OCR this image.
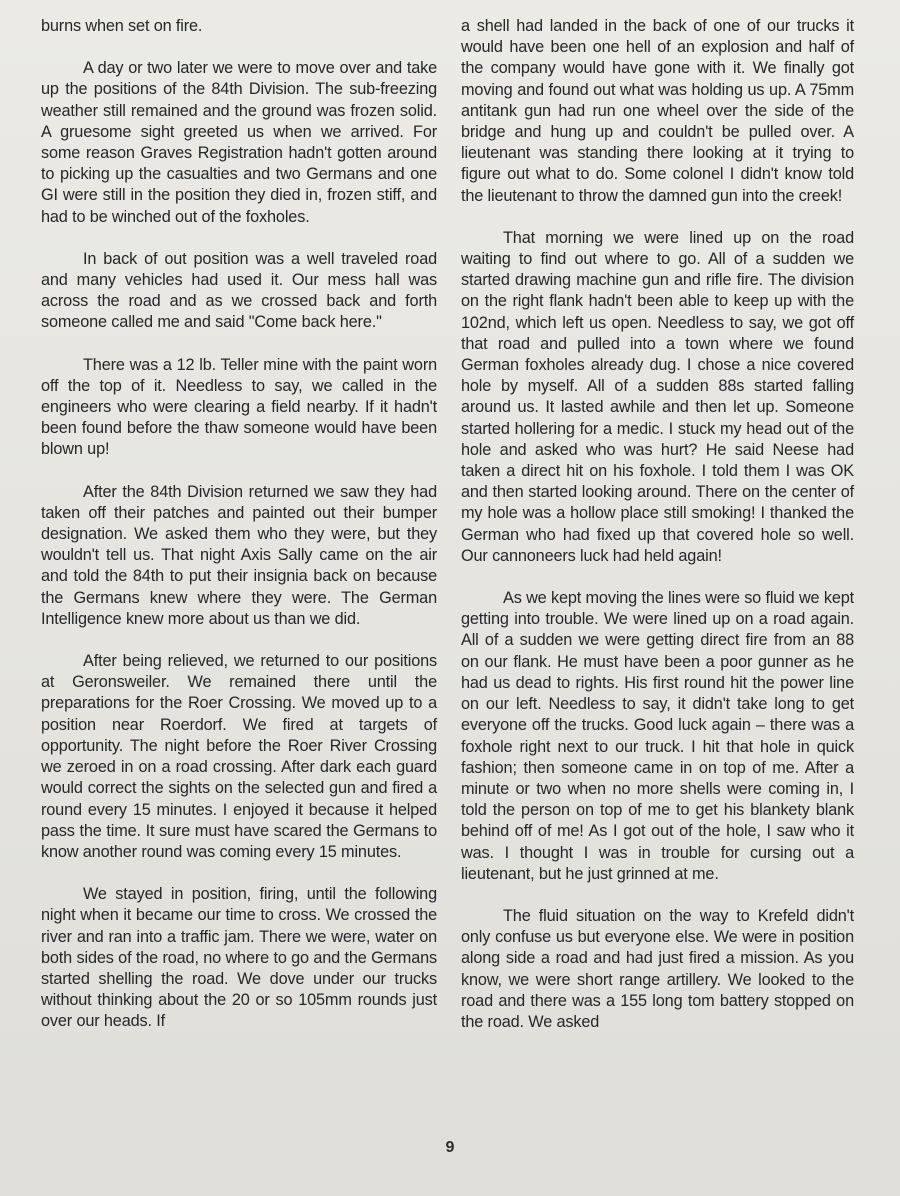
burns when set on fire.

A day or two later we were to move over and take up the positions of the 84th Division. The sub-freezing weather still remained and the ground was frozen solid. A gruesome sight greeted us when we arrived. For some reason Graves Registration hadn't gotten around to picking up the casualties and two Germans and one GI were still in the position they died in, frozen stiff, and had to be winched out of the foxholes.

In back of out position was a well traveled road and many vehicles had used it. Our mess hall was across the road and as we crossed back and forth someone called me and said "Come back here."

There was a 12 lb. Teller mine with the paint worn off the top of it. Needless to say, we called in the engineers who were clearing a field nearby. If it hadn't been found before the thaw someone would have been blown up!

After the 84th Division returned we saw they had taken off their patches and painted out their bumper designation. We asked them who they were, but they wouldn't tell us. That night Axis Sally came on the air and told the 84th to put their insignia back on because the Germans knew where they were. The German Intelligence knew more about us than we did.

After being relieved, we returned to our positions at Geronsweiler. We remained there until the preparations for the Roer Crossing. We moved up to a position near Roerdorf. We fired at targets of opportunity. The night before the Roer River Crossing we zeroed in on a road crossing. After dark each guard would correct the sights on the selected gun and fired a round every 15 minutes. I enjoyed it because it helped pass the time. It sure must have scared the Germans to know another round was coming every 15 minutes.

We stayed in position, firing, until the following night when it became our time to cross. We crossed the river and ran into a traffic jam. There we were, water on both sides of the road, no where to go and the Germans started shelling the road. We dove under our trucks without thinking about the 20 or so 105mm rounds just over our heads. If

a shell had landed in the back of one of our trucks it would have been one hell of an explosion and half of the company would have gone with it. We finally got moving and found out what was holding us up. A 75mm antitank gun had run one wheel over the side of the bridge and hung up and couldn't be pulled over. A lieutenant was standing there looking at it trying to figure out what to do. Some colonel I didn't know told the lieutenant to throw the damned gun into the creek!

That morning we were lined up on the road waiting to find out where to go. All of a sudden we started drawing machine gun and rifle fire. The division on the right flank hadn't been able to keep up with the 102nd, which left us open. Needless to say, we got off that road and pulled into a town where we found German foxholes already dug. I chose a nice covered hole by myself. All of a sudden 88s started falling around us. It lasted awhile and then let up. Someone started hollering for a medic. I stuck my head out of the hole and asked who was hurt? He said Neese had taken a direct hit on his foxhole. I told them I was OK and then started looking around. There on the center of my hole was a hollow place still smoking! I thanked the German who had fixed up that covered hole so well. Our cannoneers luck had held again!

As we kept moving the lines were so fluid we kept getting into trouble. We were lined up on a road again. All of a sudden we were getting direct fire from an 88 on our flank. He must have been a poor gunner as he had us dead to rights. His first round hit the power line on our left. Needless to say, it didn't take long to get everyone off the trucks. Good luck again – there was a foxhole right next to our truck. I hit that hole in quick fashion; then someone came in on top of me. After a minute or two when no more shells were coming in, I told the person on top of me to get his blankety blank behind off of me! As I got out of the hole, I saw who it was. I thought I was in trouble for cursing out a lieutenant, but he just grinned at me.

The fluid situation on the way to Krefeld didn't only confuse us but everyone else. We were in position along side a road and had just fired a mission. As you know, we were short range artillery. We looked to the road and there was a 155 long tom battery stopped on the road. We asked

9
